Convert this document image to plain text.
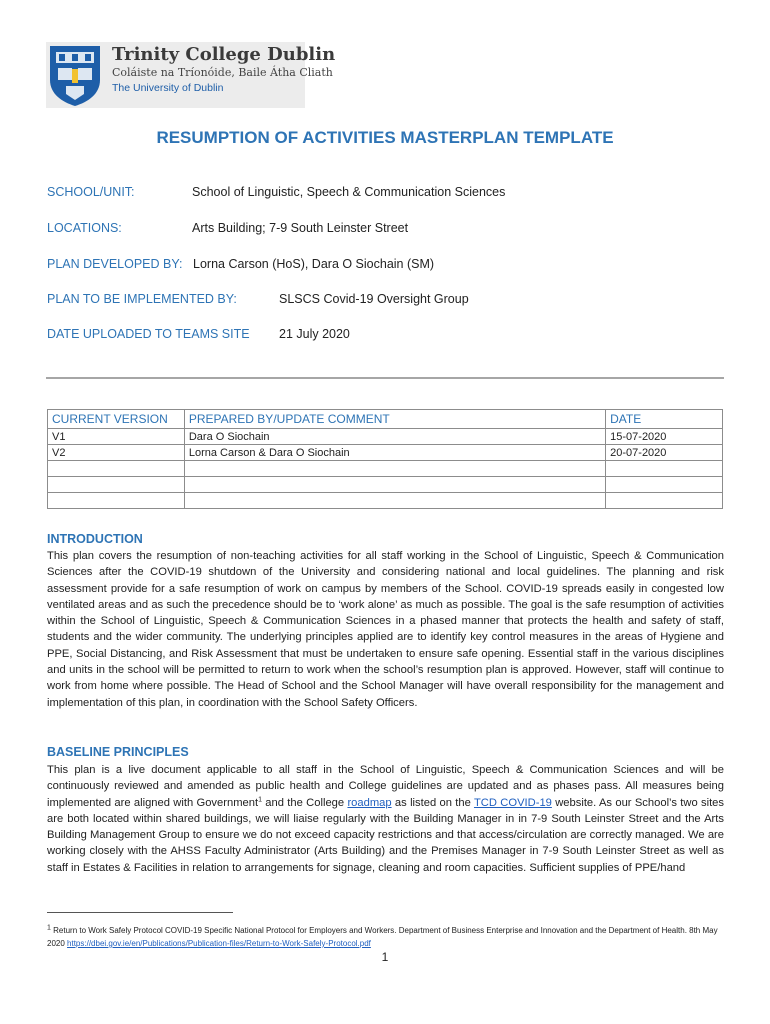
Trinity College Dublin
Coláiste na Tríonóide, Baile Átha Cliath
The University of Dublin
RESUMPTION OF ACTIVITIES MASTERPLAN TEMPLATE
SCHOOL/UNIT:	School of Linguistic, Speech & Communication Sciences
LOCATIONS:	Arts Building; 7-9 South Leinster Street
PLAN DEVELOPED BY: Lorna Carson (HoS), Dara O Siochain (SM)
PLAN TO BE IMPLEMENTED BY:	SLSCS Covid-19 Oversight Group
DATE UPLOADED TO TEAMS SITE 21 July 2020
CURRENT VERSION	PREPARED BY/UPDATE COMMENT	DATE
V1	Dara O Siochain	15-07-2020
V2	Lorna Carson & Dara O Siochain	20-07-2020

INTRODUCTION
This plan covers the resumption of non-teaching activities for all staff working in the School of Linguistic, Speech & Communication Sciences after the COVID-19 shutdown of the University and considering national and local guidelines. The planning and risk assessment provide for a safe resumption of work on campus by members of the School. COVID-19 spreads easily in congested low ventilated areas and as such the precedence should be to ‘work alone’ as much as possible. The goal is the safe resumption of activities within the School of Linguistic, Speech & Communication Sciences in a phased manner that protects the health and safety of staff, students and the wider community. The underlying principles applied are to identify key control measures in the areas of Hygiene and PPE, Social Distancing, and Risk Assessment that must be undertaken to ensure safe opening. Essential staff in the various disciplines and units in the school will be permitted to return to work when the school’s resumption plan is approved. However, staff will continue to work from home where possible. The Head of School and the School Manager will have overall responsibility for the management and implementation of this plan, in coordination with the School Safety Officers.
BASELINE PRINCIPLES
This plan is a live document applicable to all staff in the School of Linguistic, Speech & Communication Sciences and will be continuously reviewed and amended as public health and College guidelines are updated and as phases pass. All measures being implemented are aligned with Government$^1$ and the College roadmap as listed on the TCD COVID-19 website. As our School’s two sites are both located within shared buildings, we will liaise regularly with the Building Manager in in 7-9 South Leinster Street and the Arts Building Management Group to ensure we do not exceed capacity restrictions and that access/circulation are correctly managed. We are working closely with the AHSS Faculty Administrator (Arts Building) and the Premises Manager in 7-9 South Leinster Street as well as staff in Estates & Facilities in relation to arrangements for signage, cleaning and room capacities. Sufficient supplies of PPE/hand
$^1$ Return to Work Safely Protocol COVID-19 Specific National Protocol for Employers and Workers. Department of Business Enterprise and Innovation and the Department of Health. 8th May 2020 https://dbei.gov.ie/en/Publications/Publication-files/Return-to-Work-Safely-Protocol.pdf
1
